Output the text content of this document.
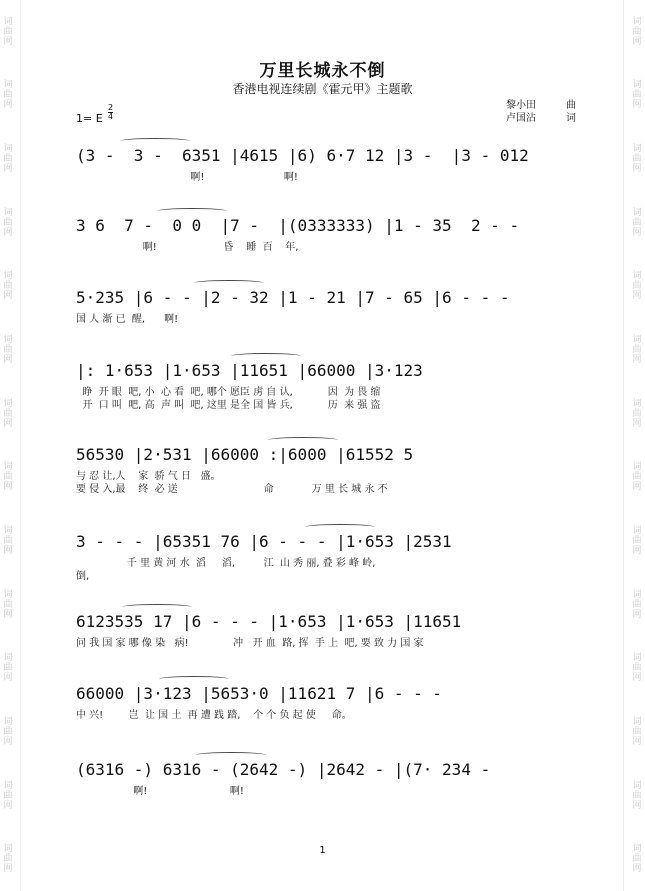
词
曲
网
词
曲
网
词
曲
网
词
曲
网
词
曲
网
词
曲
网
词
曲
网
词
曲
网
词
曲
网
词
曲
网
词
曲
网
词
曲
网
词
曲
网
词
曲
网
词
曲
网
词
曲
网
词
曲
网
词
曲
网
词
曲
网
词
曲
网
词
曲
网
词
曲
网
词
曲
网
词
曲
网
词
曲
网
词
曲
网
词
曲
网
词
曲
网
万里长城永不倒
香港电视连续剧《霍元甲》主题歌
黎小田	曲
卢国沾	词
1= E $\frac{2}{4}$
(3 -  3 -  6351 |4615 |6) 6·7 12 |3 -  |3 - 012
啊!                         啊!
3 6  7 -  0 0  |7 -  |(0333333) |1 - 35  2 - -
啊!                     昏    睡  百    年,
5·235 |6 - - |2 - 32 |1 - 21 |7 - 65 |6 - - -
国 人 渐 已  醒,      啊!
|: 1·653 |1·653 |11651 |66000 |3·123
睁  开 眼  吧, 小  心 看  吧, 哪个 愿臣 虏 自 认,           因  为 畏 缩
开  口 叫  吧, 高  声 叫  吧, 这里 是全 国 皆 兵,           历  来 强 盗
56530 |2·531 |66000 :|6000 |61552 5
与 忍 让,人    家  骄 气 日   盛。
要 侵 入,最    终  必 送                           命            万 里 长 城 永 不
3 - - - |65351 76 |6 - - - |1·653 |2531
千 里 黄 河 水  滔     滔,         江  山 秀 丽, 叠 彩 峰 岭,
倒,
6123535 17 |6 - - - |1·653 |1·653 |11651
问 我 国 家 哪 像 染   病!              冲   开 血  路, 挥  手 上  吧, 要 致 力 国 家
66000 |3·123 |5653·0 |11621 7 |6 - - -
中 兴!        岂  让 国 土  再 遭 践 踏,    个 个 负 起 使     命。
(6316 -) 6316 - (2642 -) |2642 - |(7· 234 -
啊!                          啊!
1
